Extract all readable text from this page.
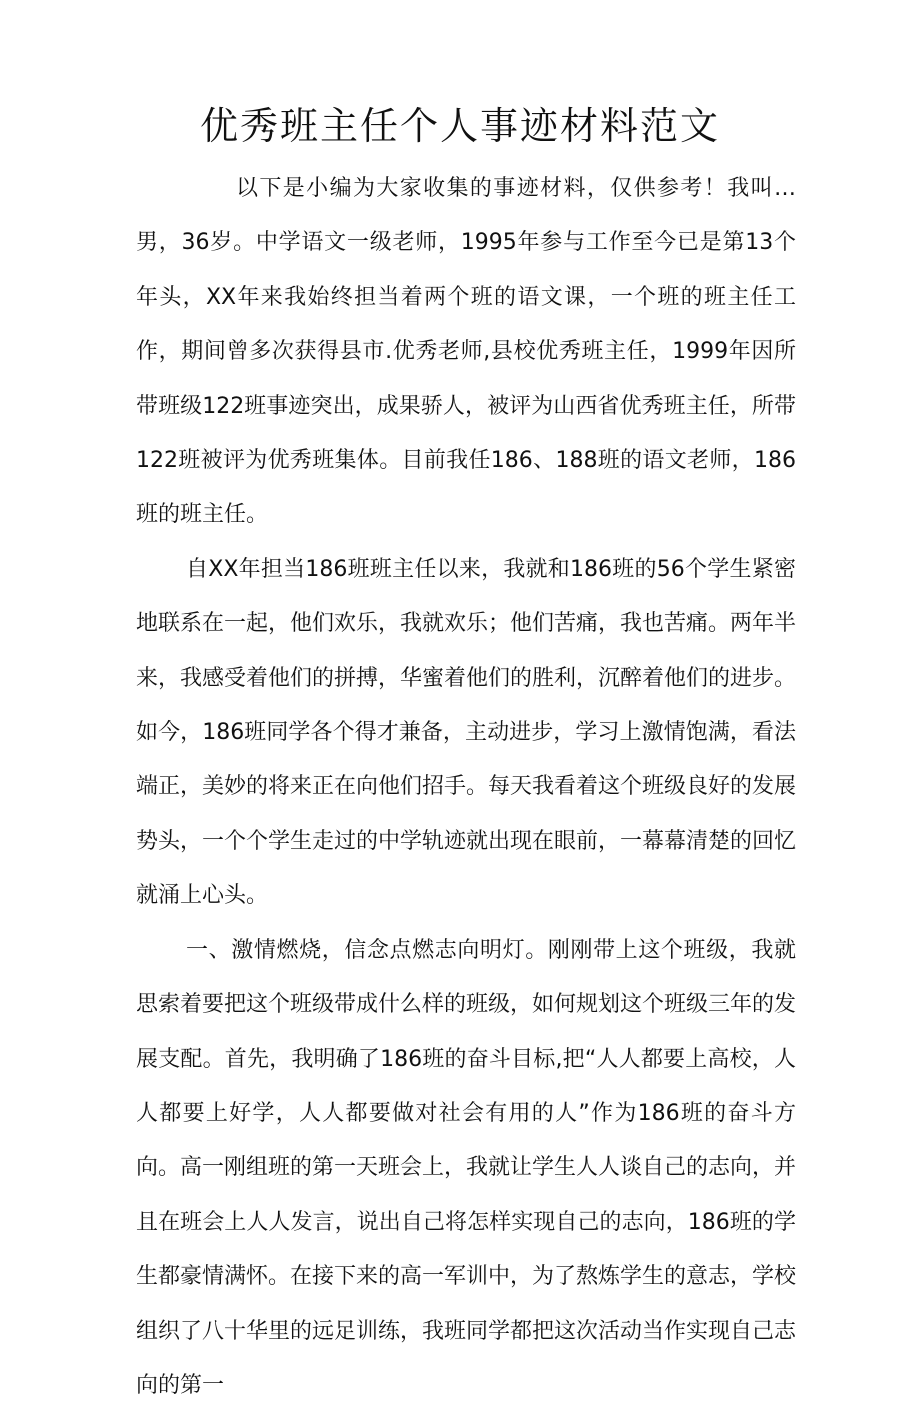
优秀班主任个人事迹材料范文

以下是小编为大家收集的事迹材料，仅供参考！我叫…男，36岁。中学语文一级老师，1995年参与工作至今已是第13个年头，XX年来我始终担当着两个班的语文课，一个班的班主任工作，期间曾多次获得县市.优秀老师,县校优秀班主任，1999年因所带班级122班事迹突出，成果骄人，被评为山西省优秀班主任，所带122班被评为优秀班集体。目前我任186、188班的语文老师，186班的班主任。

自XX年担当186班班主任以来，我就和186班的56个学生紧密地联系在一起，他们欢乐，我就欢乐；他们苦痛，我也苦痛。两年半来，我感受着他们的拼搏，华蜜着他们的胜利，沉醉着他们的进步。如今，186班同学各个得才兼备，主动进步，学习上激情饱满，看法端正，美妙的将来正在向他们招手。每天我看着这个班级良好的发展势头，一个个学生走过的中学轨迹就出现在眼前，一幕幕清楚的回忆就涌上心头。

一、激情燃烧，信念点燃志向明灯。刚刚带上这个班级，我就思索着要把这个班级带成什么样的班级，如何规划这个班级三年的发展支配。首先，我明确了186班的奋斗目标,把“人人都要上高校，人人都要上好学，人人都要做对社会有用的人”作为186班的奋斗方向。高一刚组班的第一天班会上，我就让学生人人谈自己的志向，并且在班会上人人发言，说出自己将怎样实现自己的志向，186班的学生都豪情满怀。在接下来的高一军训中，为了熬炼学生的意志，学校组织了八十华里的远足训练，我班同学都把这次活动当作实现自己志向的第一
